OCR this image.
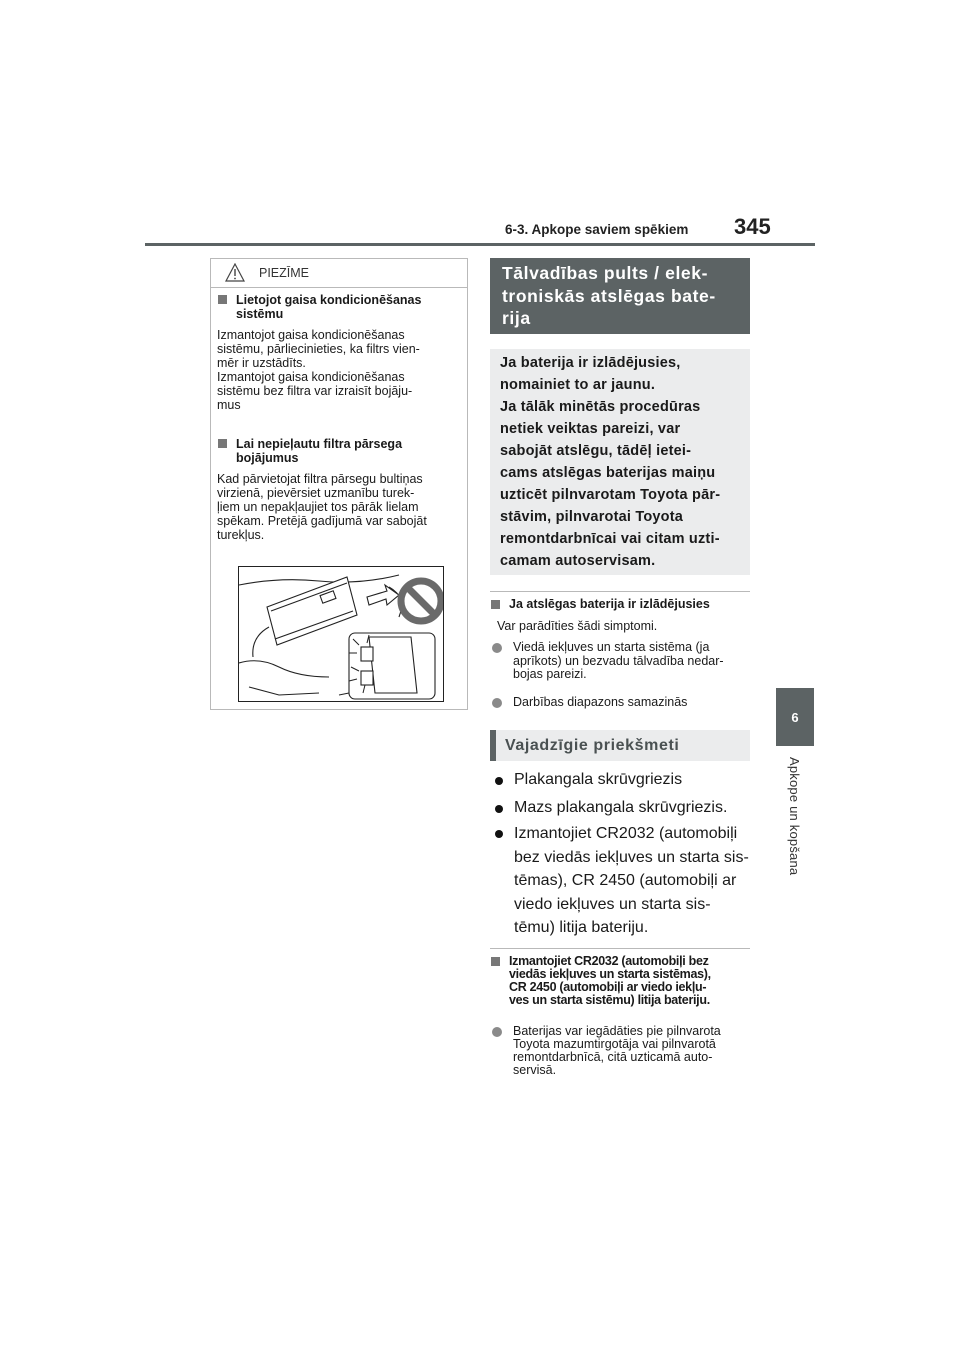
6-3. Apkope saviem spēkiem 345
6
Apkope un kopšana
PIEZĪME
Lietojot gaisa kondicionēšanas
sistēmu
Izmantojot gaisa kondicionēšanas
sistēmu, pārliecinieties, ka filtrs vien-
mēr ir uzstādīts.
Izmantojot gaisa kondicionēšanas
sistēmu bez filtra var izraisīt bojāju-
mus
Lai nepieļautu filtra pārsega
bojājumus
Kad pārvietojat filtra pārsegu bultiņas
virzienā, pievērsiet uzmanību turek-
ļiem un nepakļaujiet tos pārāk lielam
spēkam. Pretējā gadījumā var sabojāt
turekļus.
Tālvadības pults / elek-
troniskās atslēgas bate-
rija
Ja baterija ir izlādējusies,
nomainiet to ar jaunu.
Ja tālāk minētās procedūras
netiek veiktas pareizi, var
sabojāt atslēgu, tādēļ ietei-
cams atslēgas baterijas maiņu
uzticēt pilnvarotam Toyota pār-
stāvim, pilnvarotai Toyota
remontdarbnīcai vai citam uzti-
camam autoservisam.
Ja atslēgas baterija ir izlādējusies
Var parādīties šādi simptomi.
Viedā iekļuves un starta sistēma (ja
aprīkots) un bezvadu tālvadība nedar-
bojas pareizi.
Darbības diapazons samazinās
Vajadzīgie priekšmeti
Plakangala skrūvgriezis
Mazs plakangala skrūvgriezis.
Izmantojiet CR2032 (automobiļi
bez viedās iekļuves un starta sis-
tēmas), CR 2450 (automobiļi ar
viedo iekļuves un starta sis-
tēmu) litija bateriju.
Izmantojiet CR2032 (automobiļi bez
viedās iekļuves un starta sistēmas),
CR 2450 (automobiļi ar viedo iekļu-
ves un starta sistēmu) litija bateriju.
Baterijas var iegādāties pie pilnvarota
Toyota mazumtirgotāja vai pilnvarotā
remontdarbnīcā, citā uzticamā auto-
servisā.
